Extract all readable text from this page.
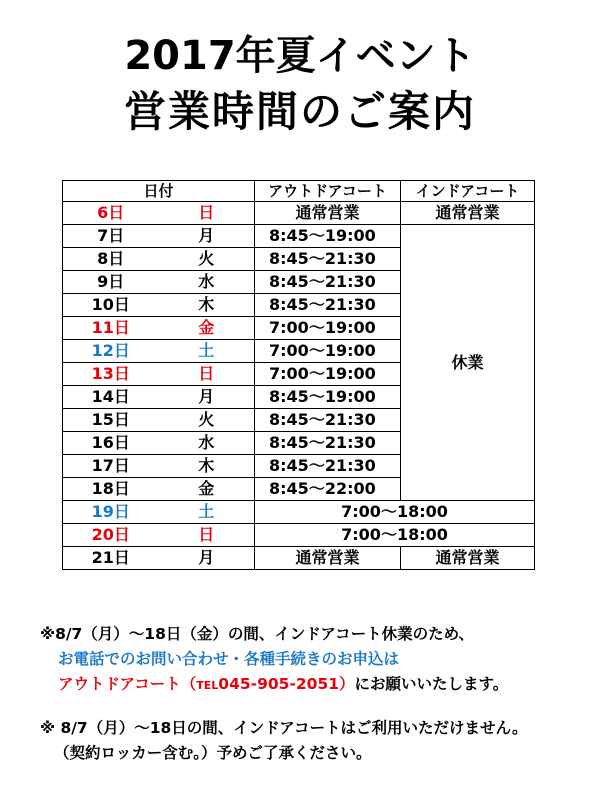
2017年夏イベント
営業時間のご案内
日付		アウトドアコート	インドアコート
6日	日	通常営業	通常営業
7日	月	8:45～19:00	休業
8日	火	8:45～21:30	
9日	水	8:45～21:30	
10日	木	8:45～21:30	
11日	金	7:00～19:00	
12日	土	7:00～19:00	
13日	日	7:00～19:00	
14日	月	8:45～19:00	
15日	火	8:45～21:30	
16日	水	8:45～21:30	
17日	木	8:45～21:30	
18日	金	8:45～22:00	
19日	土	7:00～18:00	
20日	日	7:00～18:00	
21日	月	通常営業	通常営業

※8/7（月）～18日（金）の間、インドアコート休業のため、

お電話でのお問い合わせ・各種手続きのお申込は

アウトドアコート（TEL045-905-2051）にお願いいたします。

※ 8/7（月）～18日の間、インドアコートはご利用いただけません。

（契約ロッカー含む。）予めご了承ください。
